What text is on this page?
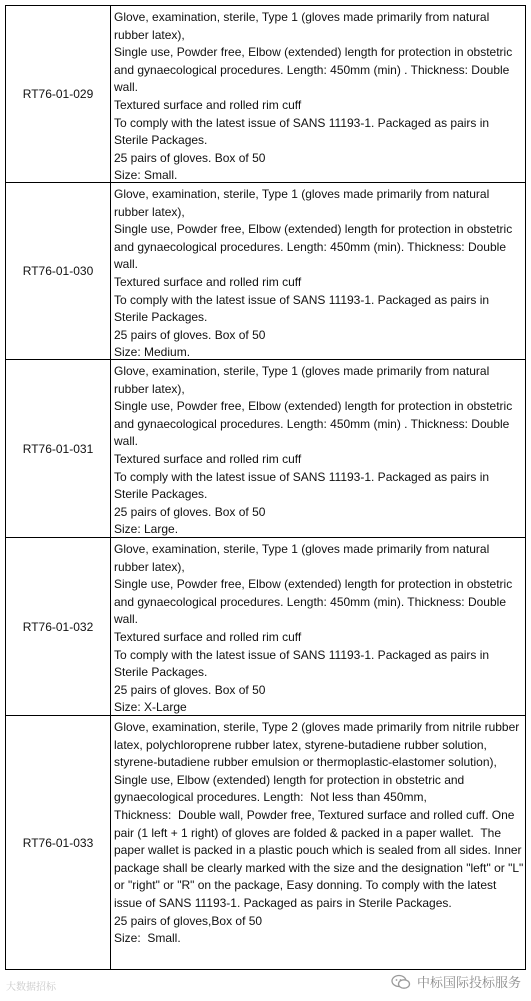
RT76-01-029
Glove, examination, sterile, Type 1 (gloves made primarily from natural rubber latex),
Single use, Powder free, Elbow (extended) length for protection in obstetric and gynaecological procedures. Length: 450mm (min) . Thickness: Double wall.
Textured surface and rolled rim cuff
To comply with the latest issue of SANS 11193-1. Packaged as pairs in Sterile Packages.
25 pairs of gloves. Box of 50
Size: Small.
RT76-01-030
Glove, examination, sterile, Type 1 (gloves made primarily from natural rubber latex),
Single use, Powder free, Elbow (extended) length for protection in obstetric and gynaecological procedures. Length: 450mm (min). Thickness: Double wall.
Textured surface and rolled rim cuff
To comply with the latest issue of SANS 11193-1. Packaged as pairs in Sterile Packages.
25 pairs of gloves. Box of 50
Size: Medium.
RT76-01-031
Glove, examination, sterile, Type 1 (gloves made primarily from natural rubber latex),
Single use, Powder free, Elbow (extended) length for protection in obstetric and gynaecological procedures. Length: 450mm (min) . Thickness: Double wall.
Textured surface and rolled rim cuff
To comply with the latest issue of SANS 11193-1. Packaged as pairs in Sterile Packages.
25 pairs of gloves. Box of 50
Size: Large.
RT76-01-032
Glove, examination, sterile, Type 1 (gloves made primarily from natural rubber latex),
Single use, Powder free, Elbow (extended) length for protection in obstetric and gynaecological procedures. Length: 450mm (min). Thickness: Double wall.
Textured surface and rolled rim cuff
To comply with the latest issue of SANS 11193-1. Packaged as pairs in Sterile Packages.
25 pairs of gloves. Box of 50
Size: X-Large
RT76-01-033
Glove, examination, sterile, Type 2 (gloves made primarily from nitrile rubber latex, polychloroprene rubber latex, styrene-butadiene rubber solution, styrene-butadiene rubber emulsion or thermoplastic-elastomer solution), Single use, Elbow (extended) length for protection in obstetric and gynaecological procedures. Length:  Not less than 450mm,
Thickness:  Double wall, Powder free, Textured surface and rolled cuff. One pair (1 left + 1 right) of gloves are folded & packed in a paper wallet.  The paper wallet is packed in a plastic pouch which is sealed from all sides. Inner package shall be clearly marked with the size and the designation "left" or "L" or "right" or "R" on the package, Easy donning. To comply with the latest issue of SANS 11193-1. Packaged as pairs in Sterile Packages.
25 pairs of gloves,Box of 50
Size:  Small.
大数据招标	中标国际投标服务
